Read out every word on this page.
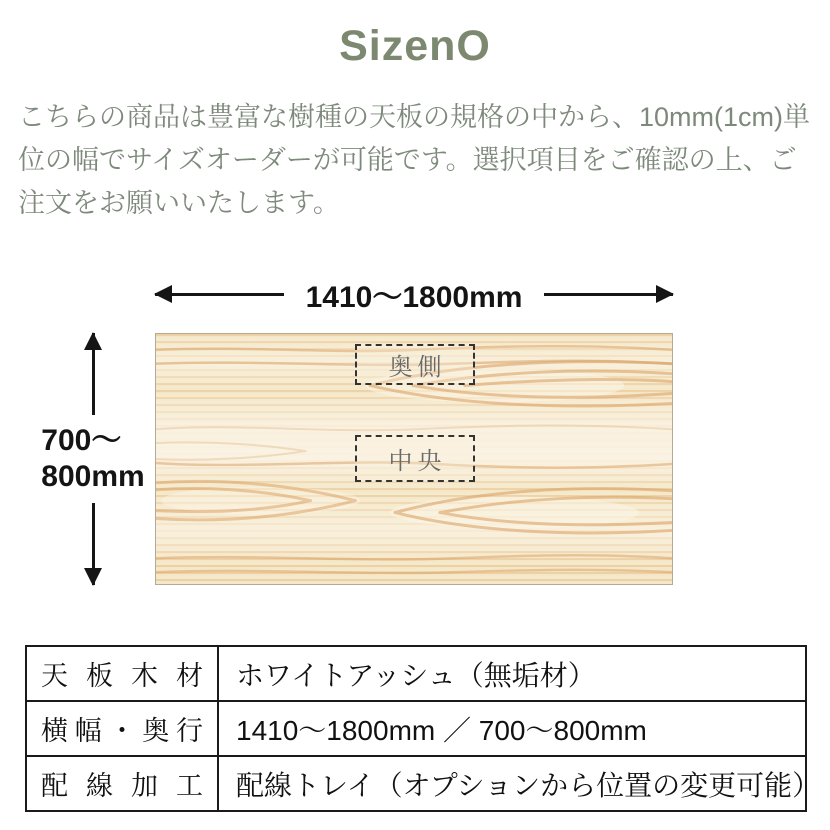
SizenO

こちらの商品は豊富な樹種の天板の規格の中から、10mm(1cm)単位の幅でサイズオーダーが可能です。選択項目をご確認の上、ご注文をお願いいたします。

1410〜1800mm
700〜
800mm
奥側
中央
天板木材	ホワイトアッシュ（無垢材）
横幅・奥行	1410〜1800mm ／ 700〜800mm
配線加工	配線トレイ（オプションから位置の変更可能）
